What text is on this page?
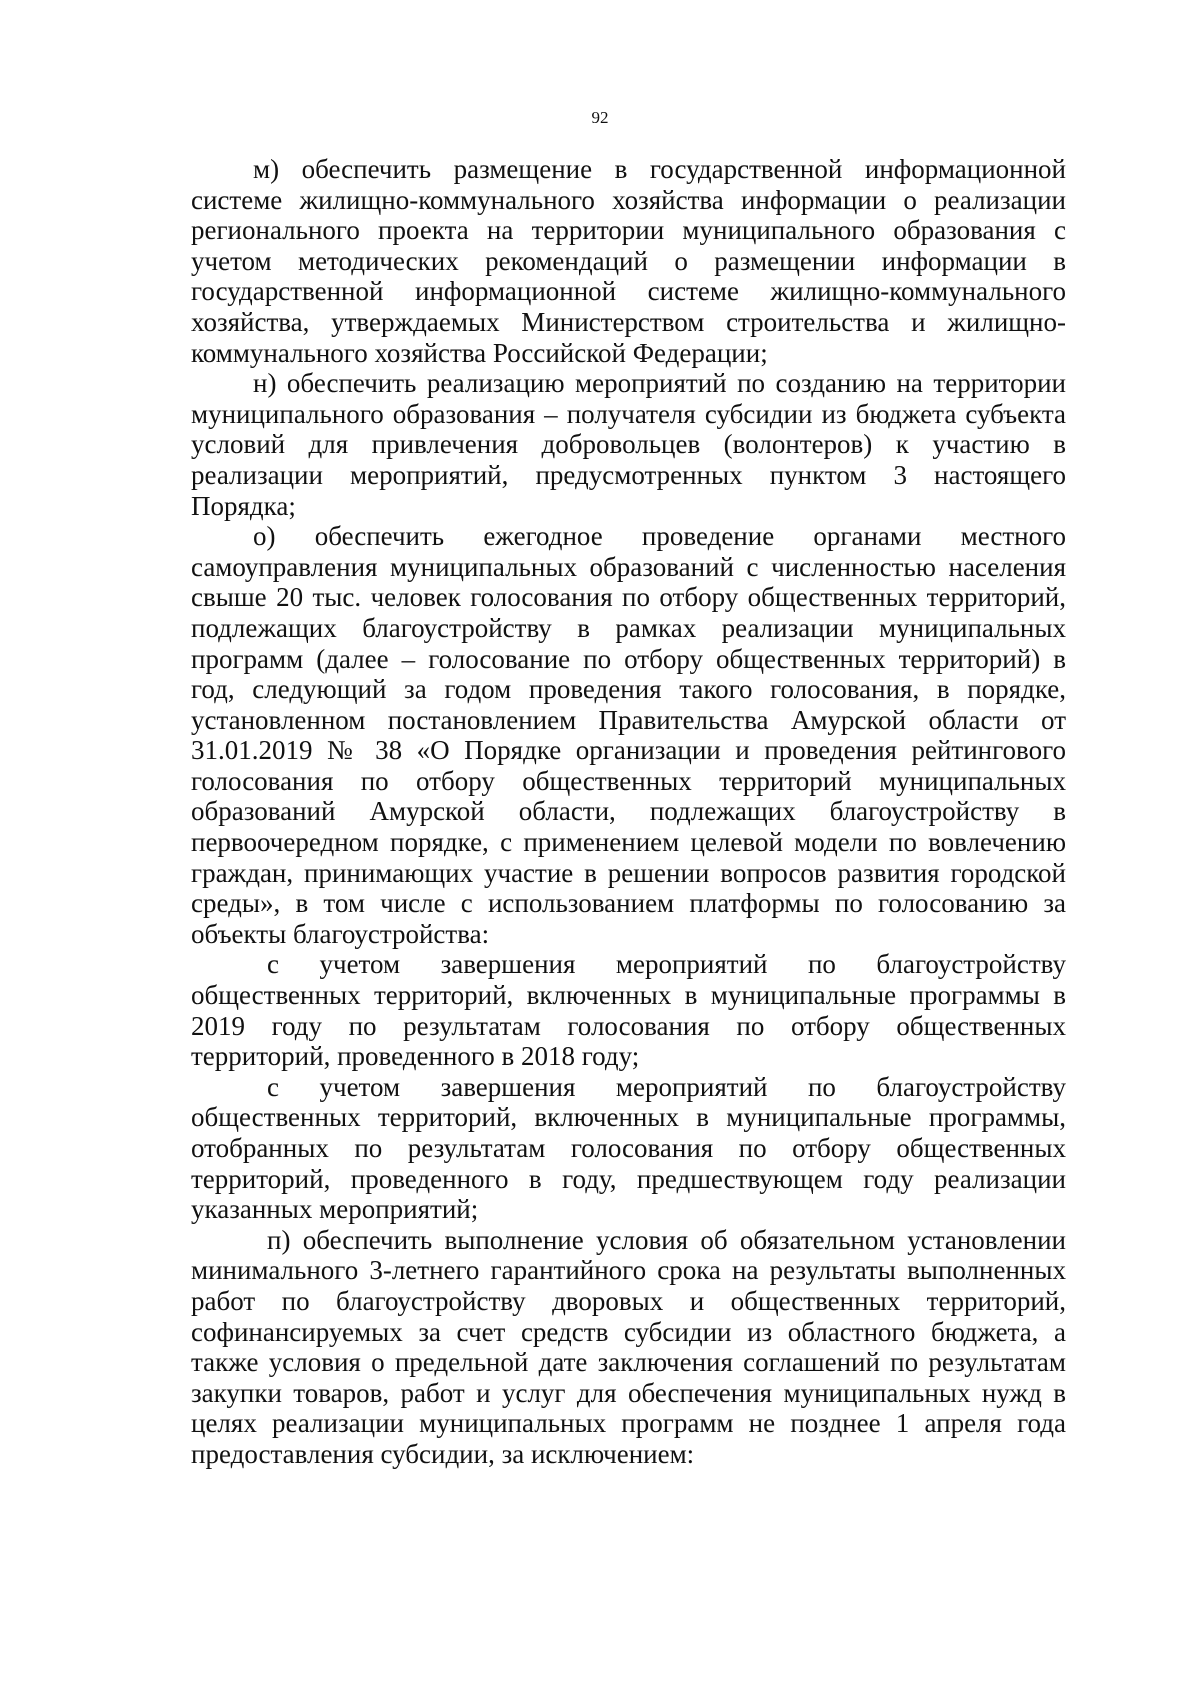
92

м) обеспечить размещение в государственной информационной системе жилищно-коммунального хозяйства информации о реализации регионального проекта на территории муниципального образования с учетом методических рекомендаций о размещении информации в государственной информационной системе жилищно-коммунального хозяйства, утверждаемых Министерством строительства и жилищно-коммунального хозяйства Российской Федерации;

н) обеспечить реализацию мероприятий по созданию на территории муниципального образования – получателя субсидии из бюджета субъекта условий для привлечения добровольцев (волонтеров) к участию в реализации мероприятий, предусмотренных пунктом 3 настоящего Порядка;

о) обеспечить ежегодное проведение органами местного самоуправления муниципальных образований с численностью населения свыше 20 тыс. человек голосования по отбору общественных территорий, подлежащих благоустройству в рамках реализации муниципальных программ (далее – голосование по отбору общественных территорий) в год, следующий за годом проведения такого голосования, в порядке, установленном постановлением Правительства Амурской области от 31.01.2019 № 38 «О Порядке организации и проведения рейтингового голосования по отбору общественных территорий муниципальных образований Амурской области, подлежащих благоустройству в первоочередном порядке, с применением целевой модели по вовлечению граждан, принимающих участие в решении вопросов развития городской среды», в том числе с использованием платформы по голосованию за объекты благоустройства:

с учетом завершения мероприятий по благоустройству общественных территорий, включенных в муниципальные программы в 2019 году по результатам голосования по отбору общественных территорий, проведенного в 2018 году;

с учетом завершения мероприятий по благоустройству общественных территорий, включенных в муниципальные программы, отобранных по результатам голосования по отбору общественных территорий, проведенного в году, предшествующем году реализации указанных мероприятий;

п) обеспечить выполнение условия об обязательном установлении минимального 3-летнего гарантийного срока на результаты выполненных работ по благоустройству дворовых и общественных территорий, софинансируемых за счет средств субсидии из областного бюджета, а также условия о предельной дате заключения соглашений по результатам закупки товаров, работ и услуг для обеспечения муниципальных нужд в целях реализации муниципальных программ не позднее 1 апреля года предоставления субсидии, за исключением:
